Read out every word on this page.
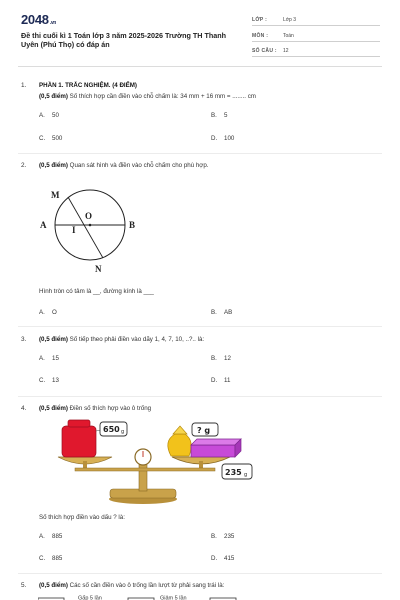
2048.vn
Đề thi cuối kì 1 Toán lớp 3 năm 2025-2026 Trường TH Thanh Uyên (Phú Thọ) có đáp án
LỚP :	Lớp 3
MÔN :	Toán
SỐ CÂU : 12
1. PHẦN 1. TRẮC NGHIỆM. (4 ĐIỂM)
(0,5 điểm) Số thích hợp cần điền vào chỗ chấm là: 34 mm + 16 mm = ........ cm
A. 50	B. 5
C. 500	D. 100
2. (0,5 điểm) Quan sát hình và điền vào chỗ chấm cho phù hợp.
M
A
O
I	B
N
Hình tròn có tâm là __, đường kính là ___
A. O	B. AB
3. (0,5 điểm) Số tiếp theo phải điền vào dãy 1, 4, 7, 10, ..?.. là:
A. 15	B. 12
C. 13	D. 11
4. (0,5 điểm) Điền số thích hợp vào ô trống
650 g	? g
235 g
Số thích hợp điền vào dấu ? là:
A. 885	B. 235
C. 885	D. 415
5. (0,5 điểm) Các số cần điền vào ô trống lần lượt từ phải sang trái là:
Gấp 5 lần	Giảm 5 lần
